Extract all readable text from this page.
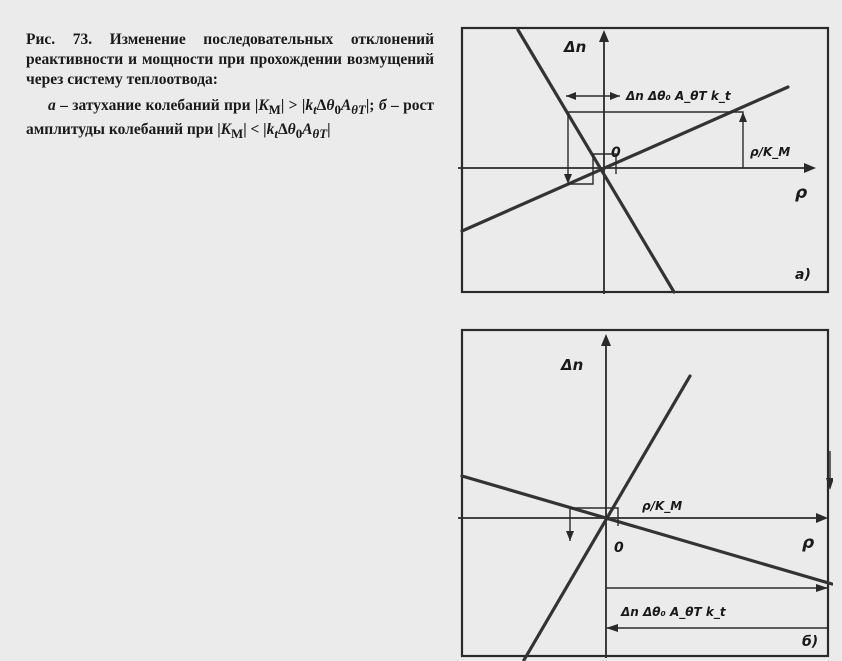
Рис. 73. Изменение последовательных отклонений реактивности и мощности при прохождении возмущений через систему теплоотвода:

а – затухание колебаний при $|K_M| > |k_t\Delta\theta_0A_{\theta T}|$; б – рост амплитуды колебаний при $|K_M| < |k_t\Delta\theta_0A_{\theta T}|$

Δn
ρ
0
Δn Δθ₀ A_θT k_t
ρ/K_M
а)
Δn
ρ
0
ρ/K_M
Δn Δθ₀ A_θT k_t
б)
